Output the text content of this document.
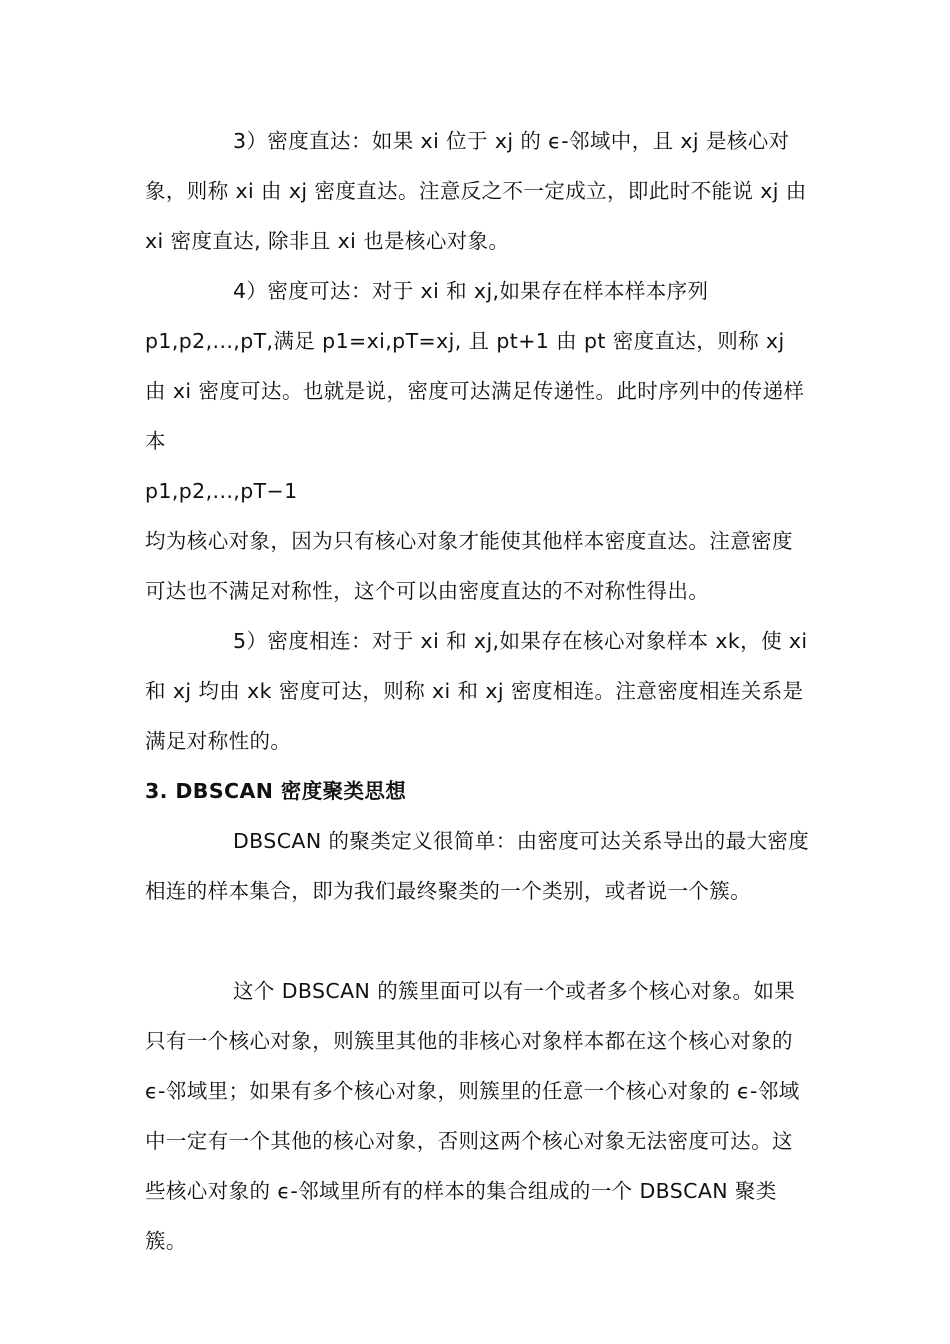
3）密度直达：如果 xi 位于 xj 的 ϵ-邻域中，且 xj 是核心对象，则称 xi 由 xj 密度直达。注意反之不一定成立，即此时不能说 xj 由 xi 密度直达, 除非且 xi 也是核心对象。

4）密度可达：对于 xi 和 xj,如果存在样本样本序列

p1,p2,...,pT,满足 p1=xi,pT=xj, 且 pt+1 由 pt 密度直达，则称 xj 由 xi 密度可达。也就是说，密度可达满足传递性。此时序列中的传递样本

p1,p2,...,pT−1

均为核心对象，因为只有核心对象才能使其他样本密度直达。注意密度可达也不满足对称性，这个可以由密度直达的不对称性得出。

5）密度相连：对于 xi 和 xj,如果存在核心对象样本 xk，使 xi 和 xj 均由 xk 密度可达，则称 xi 和 xj 密度相连。注意密度相连关系是满足对称性的。

3. DBSCAN 密度聚类思想

DBSCAN 的聚类定义很简单：由密度可达关系导出的最大密度相连的样本集合，即为我们最终聚类的一个类别，或者说一个簇。

这个 DBSCAN 的簇里面可以有一个或者多个核心对象。如果只有一个核心对象，则簇里其他的非核心对象样本都在这个核心对象的 ϵ-邻域里；如果有多个核心对象，则簇里的任意一个核心对象的 ϵ-邻域中一定有一个其他的核心对象，否则这两个核心对象无法密度可达。这些核心对象的 ϵ-邻域里所有的样本的集合组成的一个 DBSCAN 聚类簇。
